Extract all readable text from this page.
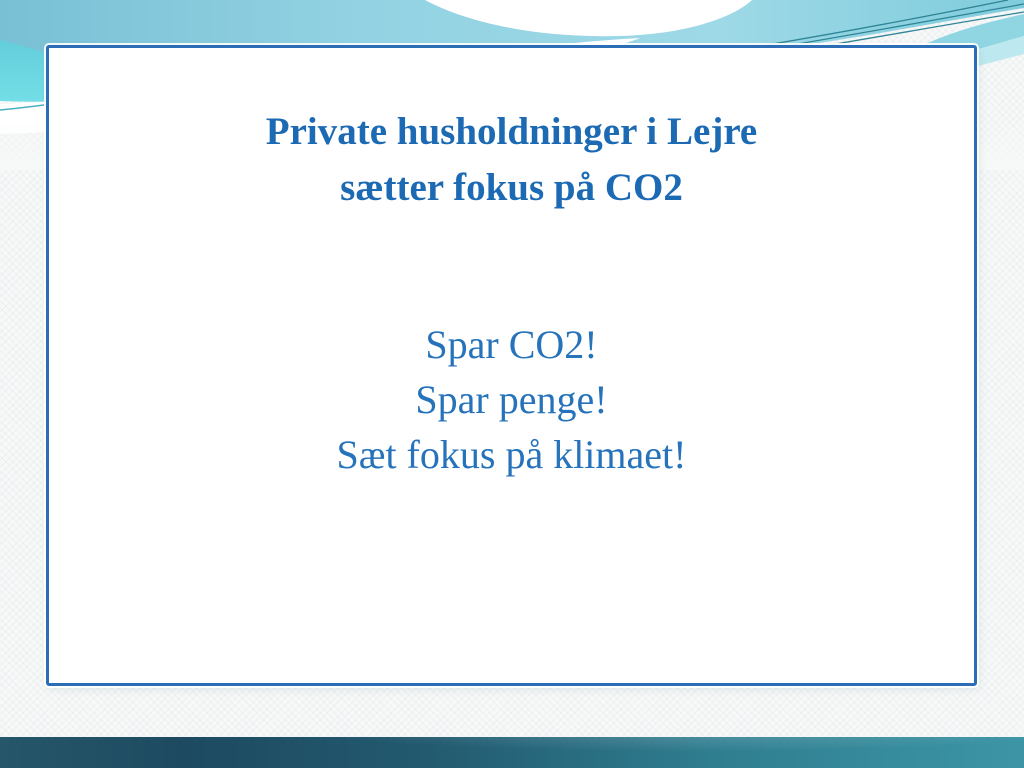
Private husholdninger i Lejre
sætter fokus på CO2
Spar CO2!
Spar penge!
Sæt fokus på klimaet!
